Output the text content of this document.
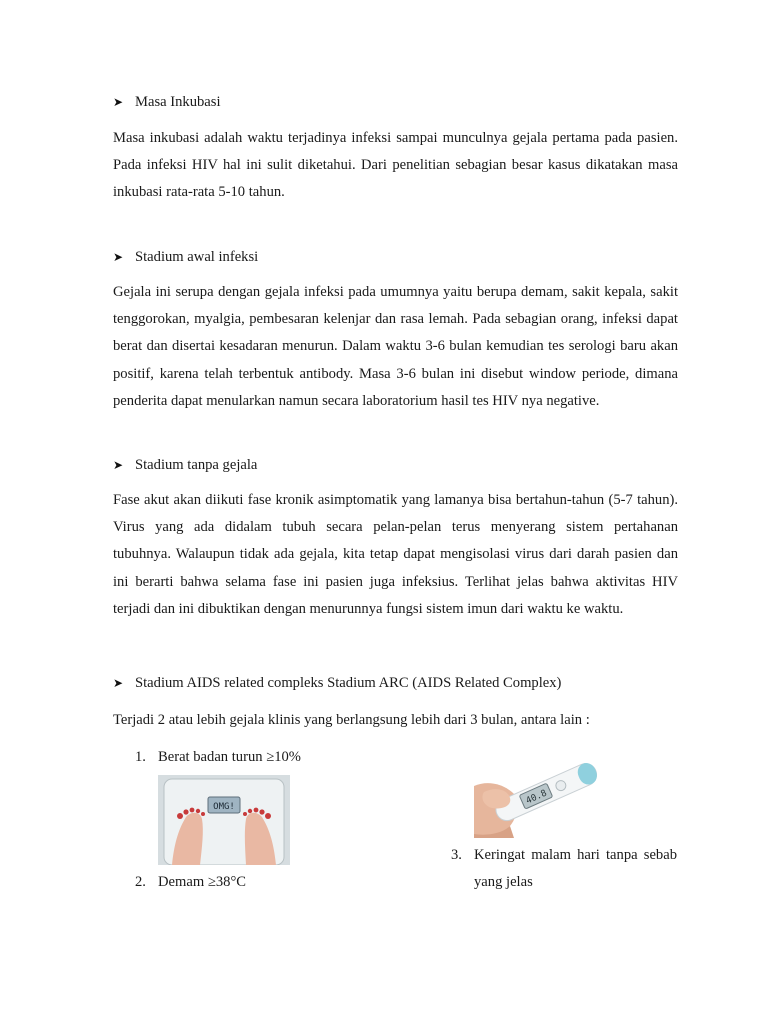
➤ Masa Inkubasi

Masa inkubasi adalah waktu terjadinya infeksi sampai munculnya gejala pertama pada pasien.
Pada infeksi HIV hal ini sulit diketahui. Dari penelitian sebagian besar kasus dikatakan masa
inkubasi rata-rata 5-10 tahun.

➤ Stadium awal infeksi

Gejala ini serupa dengan gejala infeksi pada umumnya yaitu berupa demam, sakit kepala, sakit
tenggorokan, myalgia, pembesaran kelenjar dan rasa lemah. Pada sebagian orang, infeksi dapat
berat dan disertai kesadaran menurun. Dalam waktu 3-6 bulan kemudian tes serologi baru akan
positif, karena telah terbentuk antibody. Masa 3-6 bulan ini disebut window periode, dimana
penderita dapat menularkan namun secara laboratorium hasil tes HIV nya negative.

➤ Stadium tanpa gejala

Fase akut akan diikuti fase kronik asimptomatik yang lamanya bisa bertahun-tahun (5-7 tahun).
Virus yang ada didalam tubuh secara pelan-pelan terus menyerang sistem pertahanan
tubuhnya. Walaupun tidak ada gejala, kita tetap dapat mengisolasi virus dari darah pasien dan
ini berarti bahwa selama fase ini pasien juga infeksius. Terlihat jelas bahwa aktivitas HIV
terjadi dan ini dibuktikan dengan menurunnya fungsi sistem imun dari waktu ke waktu.

➤ Stadium AIDS related compleks Stadium ARC (AIDS Related Complex)

Terjadi 2 atau lebih gejala klinis yang berlangsung lebih dari 3 bulan, antara lain :

1. Berat badan turun ≥10%
2. Demam ≥38°C
3. Keringat malam hari tanpa sebab
yang jelas
OMG!
40.8
